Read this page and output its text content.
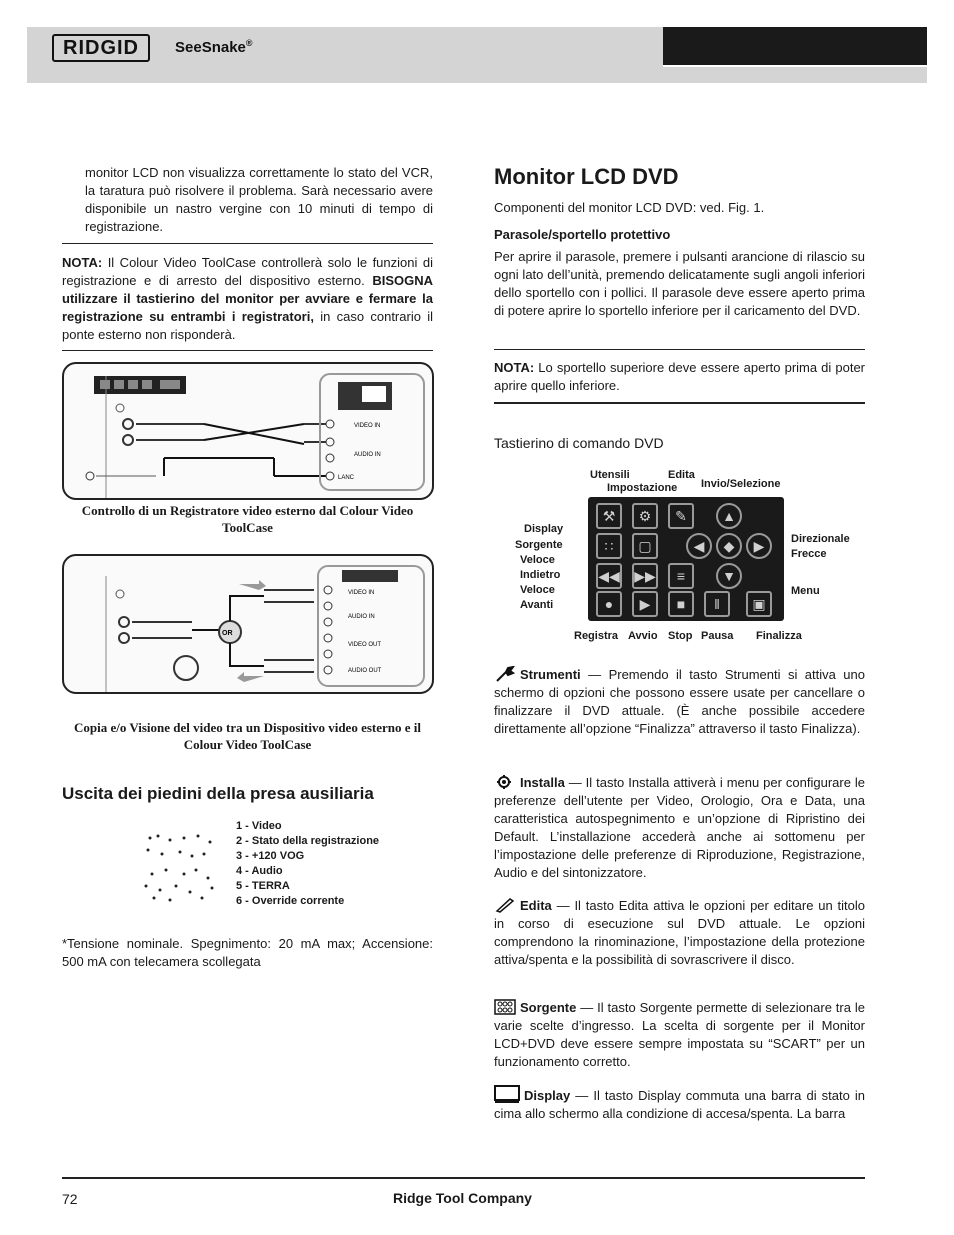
RIDGID	SeeSnake®
monitor LCD non visualizza correttamente lo stato del VCR, la taratura può risolvere il problema. Sarà necessario avere disponibile un nastro vergine con 10 minuti di tempo di registrazione.
NOTA: Il Colour Video ToolCase controllerà solo le funzioni di registrazione e di arresto del dispositivo esterno. BISOGNA utilizzare il tastierino del monitor per avviare e fermare la registrazione su entrambi i registratori, in caso contrario il ponte esterno non risponderà.
VIDEO IN
AUDIO IN
LANC
Controllo di un Registratore video esterno dal Colour Video ToolCase
OR
VIDEO IN
AUDIO IN
VIDEO OUT
AUDIO OUT
Copia e/o Visione del video tra un Dispositivo video esterno e il Colour Video ToolCase
Uscita dei piedini della presa ausiliaria
1 - Video
2 - Stato della registrazione
3 - +120 VOG
4 - Audio
5 - TERRA
6 - Override corrente
*Tensione nominale. Spegnimento: 20 mA max; Accensione: 500 mA con telecamera scollegata
Monitor LCD DVD
Componenti del monitor LCD DVD: ved. Fig. 1.
Parasole/sportello protettivo
Per aprire il parasole, premere i pulsanti arancione di rilascio su ogni lato dell’unità, premendo delicatamente sugli angoli inferiori dello sportello con i pollici. Il parasole deve essere aperto prima di potere aprire lo sportello inferiore per il caricamento del DVD.
NOTA: Lo sportello superiore deve essere aperto prima di poter aprire quello inferiore.
Tastierino di comando DVD
Utensili
Impostazione
Edita
Invio/Selezione
Display
Sorgente
Veloce
Indietro
Veloce
Avanti
Direzionale
Frecce
Menu
Registra Avvio Stop Pausa Finalizza
⚒	⚙	✎
∷	▢
◀◀ ▶▶	≡
▲
◀	◆	▶
▼
●	▶	■	‖	▣
Strumenti — Premendo il tasto Strumenti si attiva uno schermo di opzioni che possono essere usate per cancellare o finalizzare il DVD attuale. (È anche possibile accedere direttamente all’opzione “Finalizza” attraverso il tasto Finalizza).
Installa — Il tasto Installa attiverà i menu per configurare le preferenze dell’utente per Video, Orologio, Ora e Data, una caratteristica autospegnimento e un’opzione di Ripristino dei Default. L’installazione accederà anche ai sottomenu per l’impostazione delle preferenze di Riproduzione, Registrazione, Audio e del sintonizzatore.
Edita — Il tasto Edita attiva le opzioni per editare un titolo in corso di esecuzione sul DVD attuale. Le opzioni comprendono la rinominazione, l’impostazione della protezione attiva/spenta e la possibilità di sovrascrivere il disco.
Sorgente — Il tasto Sorgente permette di selezionare tra le varie scelte d’ingresso. La scelta di sorgente per il Monitor LCD+DVD deve essere sempre impostata su “SCART” per un funzionamento corretto.
Display — Il tasto Display commuta una barra di stato in cima allo schermo alla condizione di accesa/spenta. La barra
72	Ridge Tool Company
